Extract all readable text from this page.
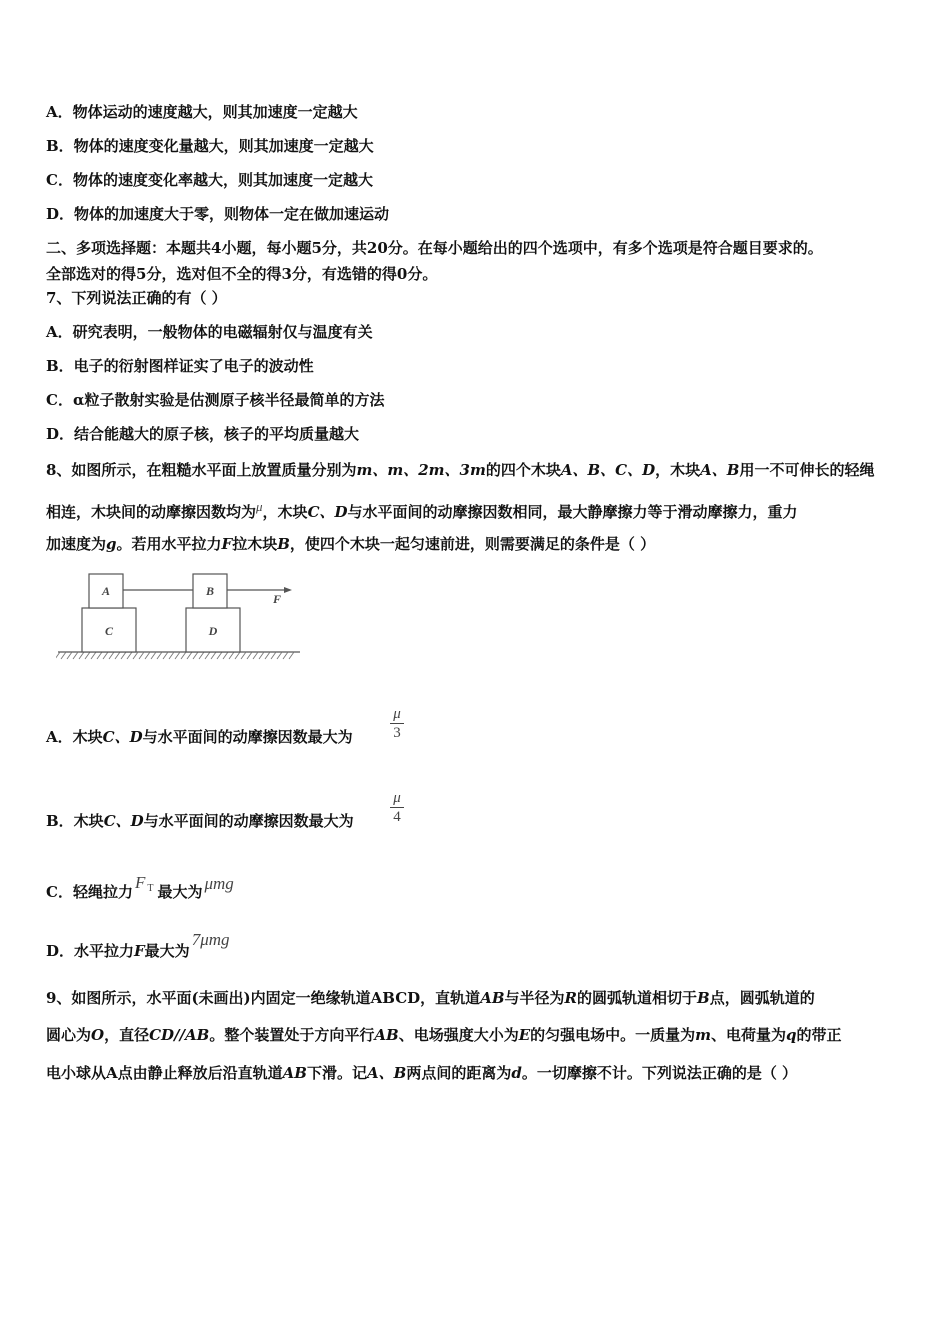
A．物体运动的速度越大，则其加速度一定越大
B．物体的速度变化量越大，则其加速度一定越大
C．物体的速度变化率越大，则其加速度一定越大
D．物体的加速度大于零，则物体一定在做加速运动
二、多项选择题：本题共4小题，每小题5分，共20分。在每小题给出的四个选项中，有多个选项是符合题目要求的。
全部选对的得5分，选对但不全的得3分，有选错的得0分。
7、下列说法正确的有（ ）
A．研究表明，一般物体的电磁辐射仅与温度有关
B．电子的衍射图样证实了电子的波动性
C．α粒子散射实验是估测原子核半径最简单的方法
D．结合能越大的原子核，核子的平均质量越大
8、如图所示，在粗糙水平面上放置质量分别为m、m、2m、3m的四个木块A、B、C、D，木块A、B用一不可伸长的轻绳
相连，木块间的动摩擦因数均为μ，木块C、D与水平面间的动摩擦因数相同，最大静摩擦力等于滑动摩擦力，重力
加速度为g。若用水平拉力F拉木块B，使四个木块一起匀速前进，则需要满足的条件是（ ）
A	B
C	D
F
A．木块C、D与水平面间的动摩擦因数最大为
μ
3
B．木块C、D与水平面间的动摩擦因数最大为
μ
4
C．轻绳拉力 F $^T$ 最大为 μmg
D．水平拉力F最大为7μmg
9、如图所示，水平面(未画出)内固定一绝缘轨道ABCD，直轨道AB与半径为R的圆弧轨道相切于B点，圆弧轨道的
圆心为O，直径CD//AB。整个装置处于方向平行AB、电场强度大小为E的匀强电场中。一质量为m、电荷量为q的带正
电小球从A点由静止释放后沿直轨道AB下滑。记A、B两点间的距离为d。一切摩擦不计。下列说法正确的是（ ）
